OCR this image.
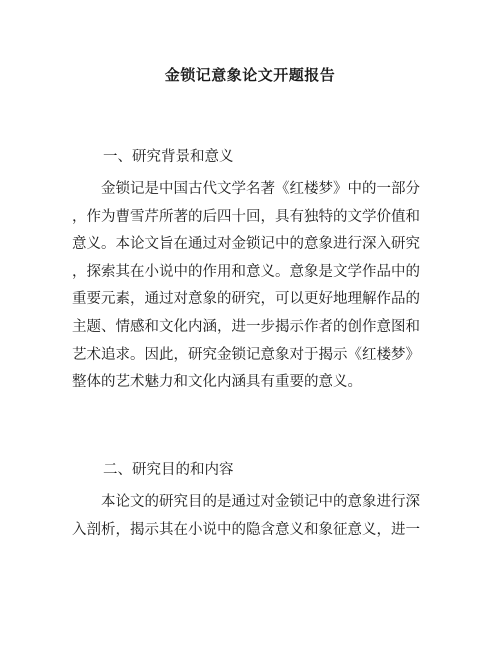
金锁记意象论文开题报告
一、研究背景和意义

　　金锁记是中国古代文学名著《红楼梦》中的一部分
，作为曹雪芹所著的后四十回，具有独特的文学价值和
意义。本论文旨在通过对金锁记中的意象进行深入研究
，探索其在小说中的作用和意义。意象是文学作品中的
重要元素，通过对意象的研究，可以更好地理解作品的
主题、情感和文化内涵，进一步揭示作者的创作意图和
艺术追求。因此，研究金锁记意象对于揭示《红楼梦》
整体的艺术魅力和文化内涵具有重要的意义。

二、研究目的和内容

　　本论文的研究目的是通过对金锁记中的意象进行深
入剖析，揭示其在小说中的隐含意义和象征意义，进一
